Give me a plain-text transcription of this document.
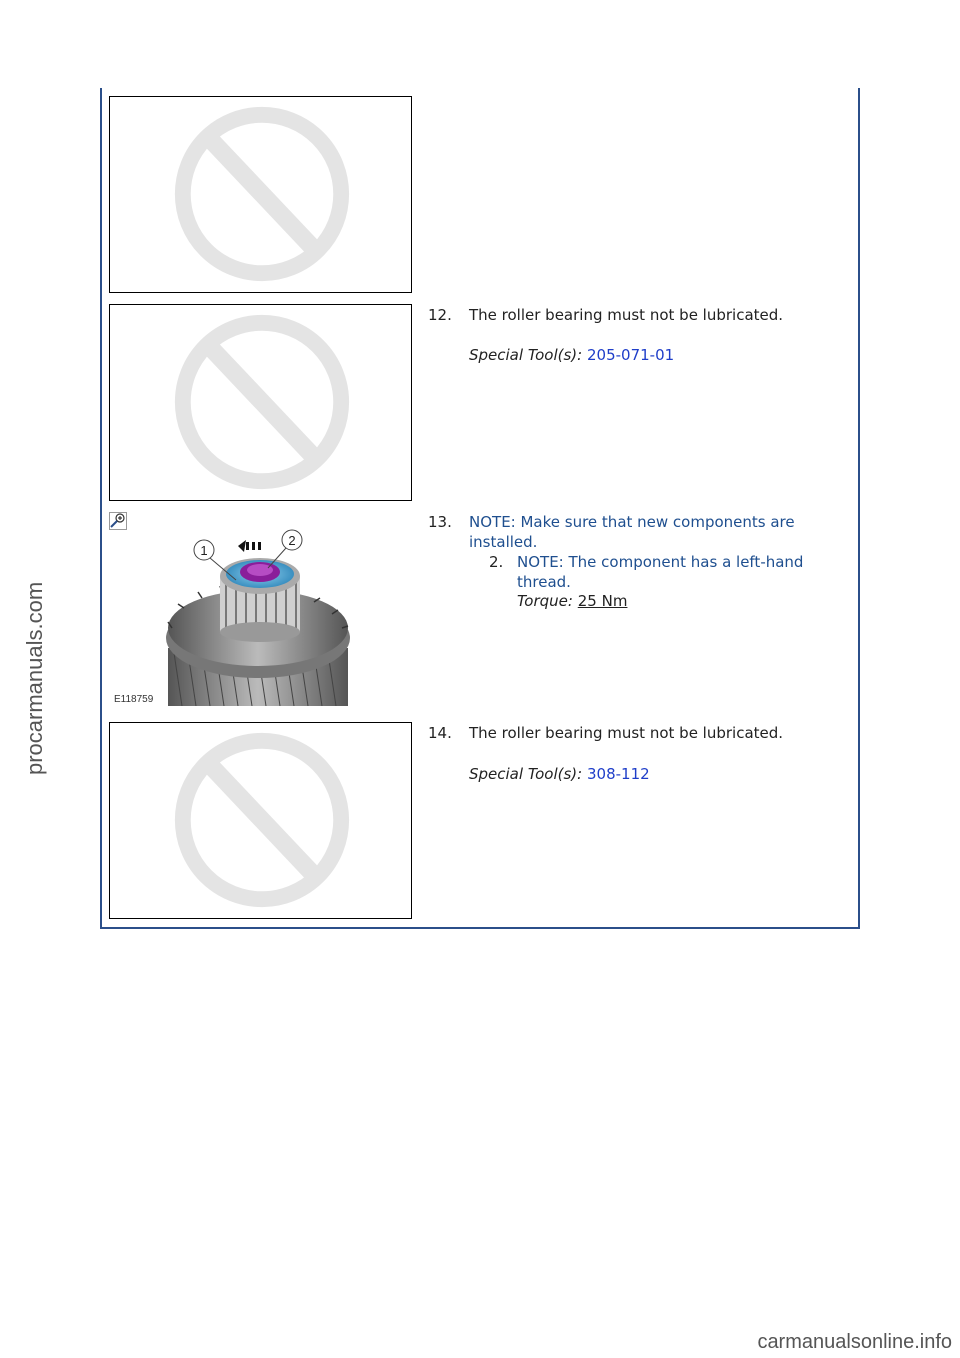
1
2
E118759
12. The roller bearing must not be lubricated.
Special Tool(s): 205-071-01
13. NOTE: Make sure that new components are installed.
2. NOTE: The component has a left-hand thread.
Torque: 25 Nm
14. The roller bearing must not be lubricated.
Special Tool(s): 308-112
procarmanuals.com
carmanualsonline.info
